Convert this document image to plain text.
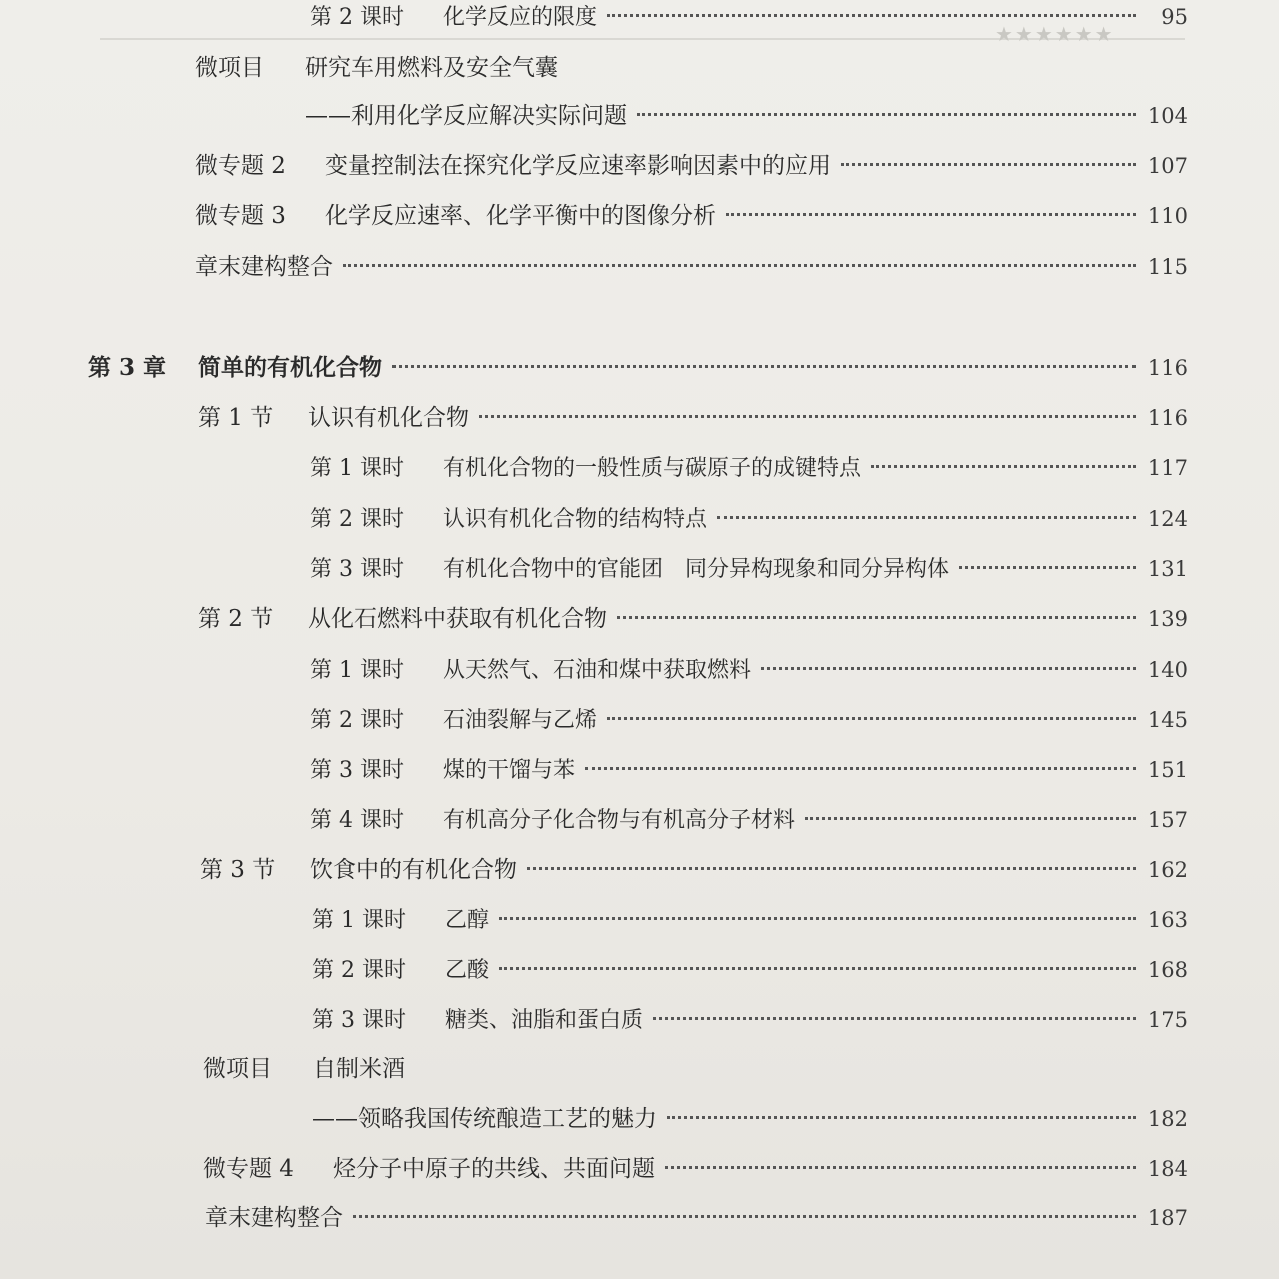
★★★★★★
第 2 课时	化学反应的限度	95
微项目	研究车用燃料及安全气囊
——利用化学反应解决实际问题	104
微专题 2	变量控制法在探究化学反应速率影响因素中的应用	107
微专题 3	化学反应速率、化学平衡中的图像分析	110
章末建构整合	115
第 3 章	简单的有机化合物	116
第 1 节	认识有机化合物	116
第 1 课时	有机化合物的一般性质与碳原子的成键特点	117
第 2 课时	认识有机化合物的结构特点	124
第 3 课时	有机化合物中的官能团　同分异构现象和同分异构体	131
第 2 节	从化石燃料中获取有机化合物	139
第 1 课时	从天然气、石油和煤中获取燃料	140
第 2 课时	石油裂解与乙烯	145
第 3 课时	煤的干馏与苯	151
第 4 课时	有机高分子化合物与有机高分子材料	157
第 3 节	饮食中的有机化合物	162
第 1 课时	乙醇	163
第 2 课时	乙酸	168
第 3 课时	糖类、油脂和蛋白质	175
微项目	自制米酒
——领略我国传统酿造工艺的魅力	182
微专题 4	烃分子中原子的共线、共面问题	184
章末建构整合	187
